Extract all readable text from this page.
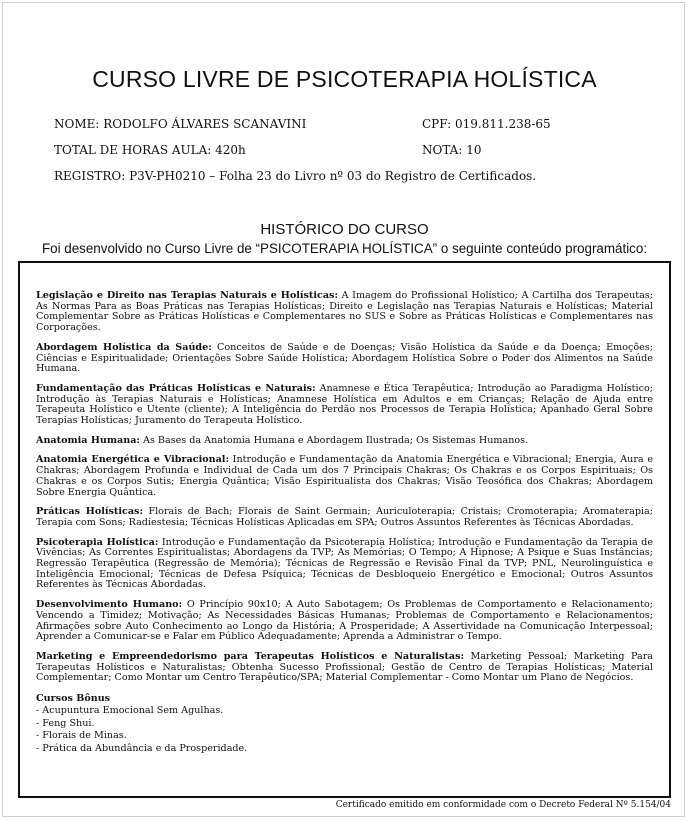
CURSO LIVRE DE PSICOTERAPIA HOLÍSTICA
NOME: RODOLFO ÁLVARES SCANAVINI	CPF: 019.811.238-65
TOTAL DE HORAS AULA: 420h	NOTA: 10
REGISTRO: P3V-PH0210 – Folha 23 do Livro nº 03 do Registro de Certificados.
HISTÓRICO DO CURSO
Foi desenvolvido no Curso Livre de “PSICOTERAPIA HOLÍSTICA” o seguinte conteúdo programático:

Legislação e Direito nas Terapias Naturais e Holísticas: A Imagem do Profissional Holístico; A Cartilha dos Terapeutas; As Normas Para as Boas Práticas nas Terapias Holísticas; Direito e Legislação nas Terapias Naturais e Holísticas; Material Complementar Sobre as Práticas Holísticas e Complementares no SUS e Sobre as Práticas Holísticas e Complementares nas Corporações.

Abordagem Holística da Saúde: Conceitos de Saúde e de Doenças; Visão Holística da Saúde e da Doença; Emoções; Ciências e Espiritualidade; Orientações Sobre Saúde Holística; Abordagem Holística Sobre o Poder dos Alimentos na Saúde Humana.

Fundamentação das Práticas Holísticas e Naturais: Anamnese e Ética Terapêutica; Introdução ao Paradigma Holístico; Introdução às Terapias Naturais e Holísticas; Anamnese Holística em Adultos e em Crianças; Relação de Ajuda entre Terapeuta Holístico e Utente (cliente); A Inteligência do Perdão nos Processos de Terapia Holística; Apanhado Geral Sobre Terapias Holísticas; Juramento do Terapeuta Holístico.

Anatomia Humana: As Bases da Anatomia Humana e Abordagem Ilustrada; Os Sistemas Humanos.

Anatomia Energética e Vibracional: Introdução e Fundamentação da Anatomia Energética e Vibracional; Energia, Aura e Chakras; Abordagem Profunda e Individual de Cada um dos 7 Principais Chakras; Os Chakras e os Corpos Espirituais; Os Chakras e os Corpos Sutis; Energia Quântica; Visão Espiritualista dos Chakras; Visão Teosófica dos Chakras; Abordagem Sobre Energia Quântica.

Práticas Holísticas: Florais de Bach; Florais de Saint Germain; Auriculoterapia; Cristais; Cromoterapia; Aromaterapia; Terapia com Sons; Radiestesia; Técnicas Holísticas Aplicadas em SPA; Outros Assuntos Referentes às Técnicas Abordadas.

Psicoterapia Holística: Introdução e Fundamentação da Psicoterapia Holística; Introdução e Fundamentação da Terapia de Vivências; As Correntes Espiritualistas; Abordagens da TVP; As Memórias; O Tempo; A Hipnose; A Psique e Suas Instâncias; Regressão Terapêutica (Regressão de Memória); Técnicas de Regressão e Revisão Final da TVP; PNL, Neurolinguística e Inteligência Emocional; Técnicas de Defesa Psíquica; Técnicas de Desbloqueio Energético e Emocional; Outros Assuntos Referentes às Técnicas Abordadas.

Desenvolvimento Humano: O Princípio 90x10; A Auto Sabotagem; Os Problemas de Comportamento e Relacionamento; Vencendo a Timidez; Motivação; As Necessidades Básicas Humanas; Problemas de Comportamento e Relacionamentos; Afirmações sobre Auto Conhecimento ao Longo da História; A Prosperidade; A Assertividade na Comunicação Interpessoal; Aprender a Comunicar-se e Falar em Público Adequadamente; Aprenda a Administrar o Tempo.

Marketing e Empreendedorismo para Terapeutas Holísticos e Naturalistas: Marketing Pessoal; Marketing Para Terapeutas Holísticos e Naturalistas; Obtenha Sucesso Profissional; Gestão de Centro de Terapias Holísticas; Material Complementar; Como Montar um Centro Terapêutico/SPA; Material Complementar - Como Montar um Plano de Negócios.

Cursos Bônus
- Acupuntura Emocional Sem Agulhas.
- Feng Shui.
- Florais de Minas.
- Prática da Abundância e da Prosperidade.
Certificado emitido em conformidade com o Decreto Federal Nº 5.154/04
